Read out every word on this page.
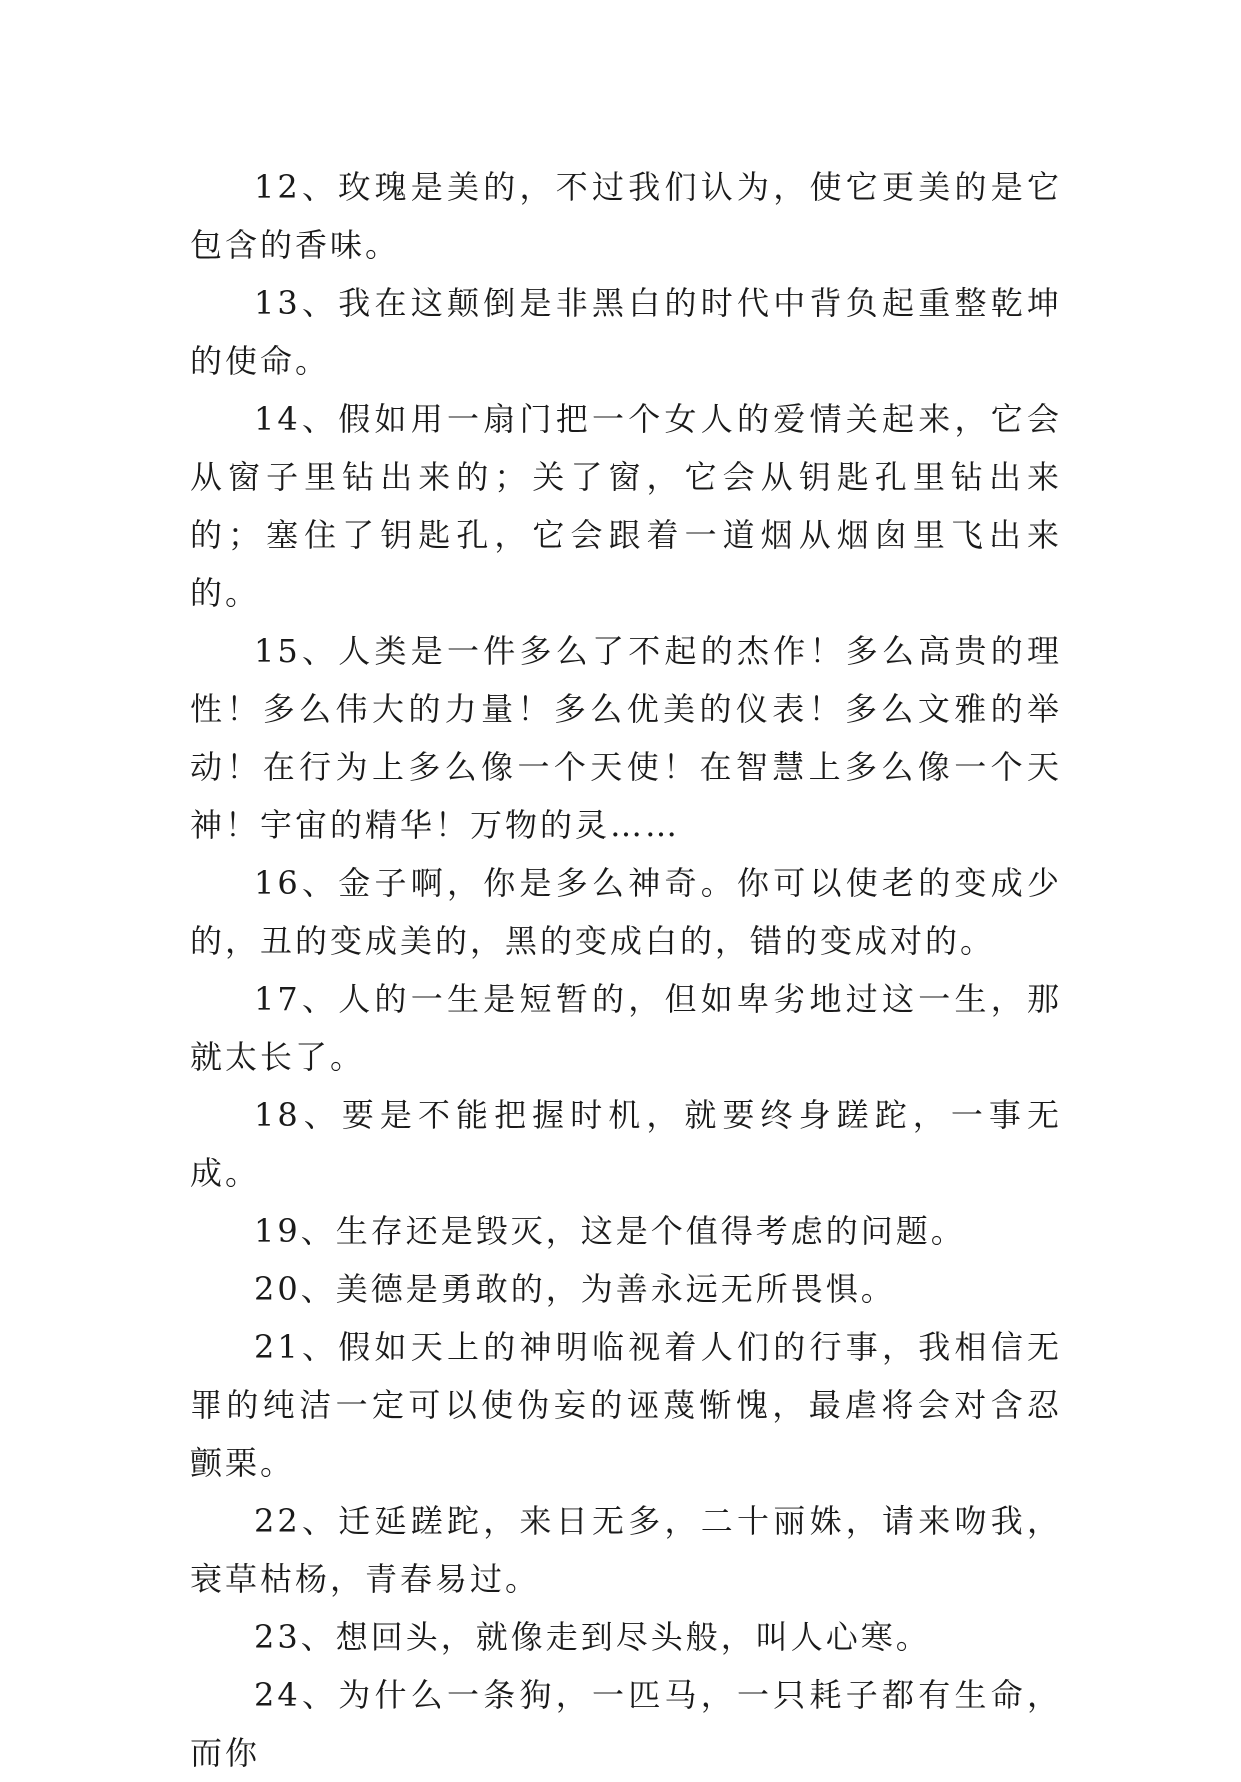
12、玫瑰是美的，不过我们认为，使它更美的是它包含的香味。

13、我在这颠倒是非黑白的时代中背负起重整乾坤的使命。

14、假如用一扇门把一个女人的爱情关起来，它会从窗子里钻出来的；关了窗，它会从钥匙孔里钻出来的；塞住了钥匙孔，它会跟着一道烟从烟囱里飞出来的。

15、人类是一件多么了不起的杰作！多么高贵的理性！多么伟大的力量！多么优美的仪表！多么文雅的举动！在行为上多么像一个天使！在智慧上多么像一个天神！宇宙的精华！万物的灵……

16、金子啊，你是多么神奇。你可以使老的变成少的，丑的变成美的，黑的变成白的，错的变成对的。

17、人的一生是短暂的，但如卑劣地过这一生，那就太长了。

18、要是不能把握时机，就要终身蹉跎，一事无成。

19、生存还是毁灭，这是个值得考虑的问题。

20、美德是勇敢的，为善永远无所畏惧。

21、假如天上的神明临视着人们的行事，我相信无罪的纯洁一定可以使伪妄的诬蔑惭愧，最虐将会对含忍颤栗。

22、迁延蹉跎，来日无多，二十丽姝，请来吻我，衰草枯杨，青春易过。

23、想回头，就像走到尽头般，叫人心寒。

24、为什么一条狗，一匹马，一只耗子都有生命，而你
